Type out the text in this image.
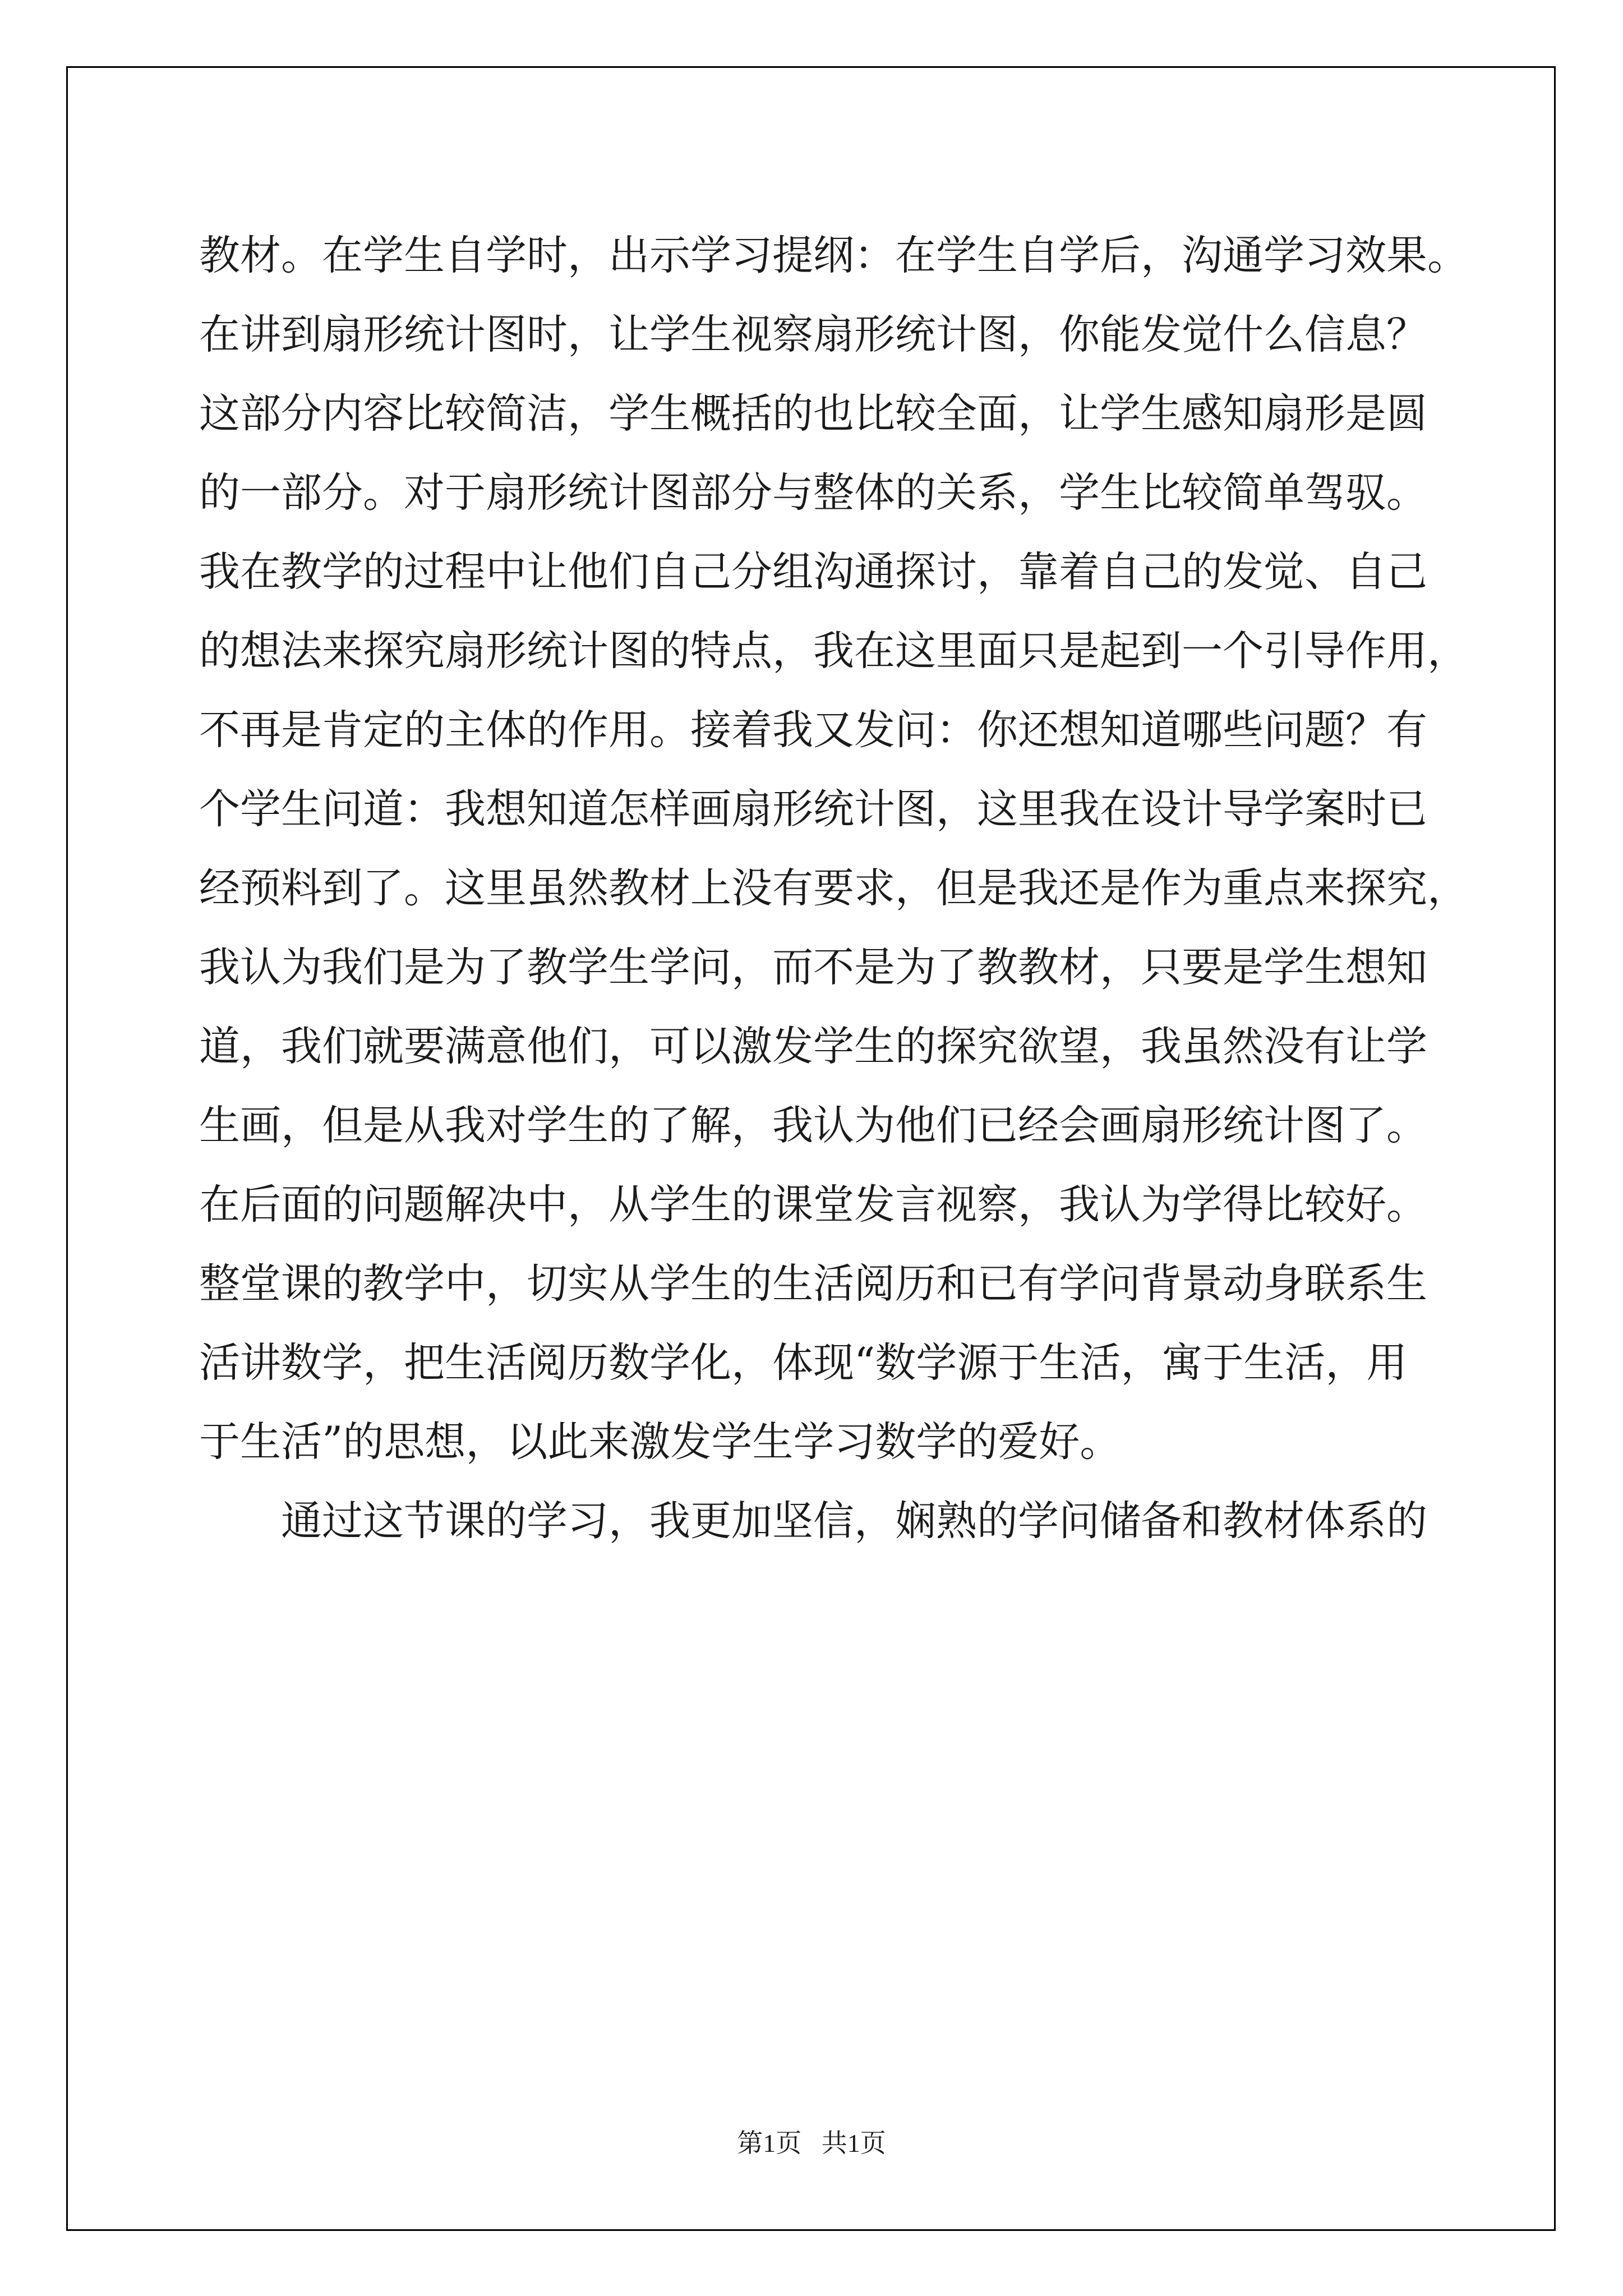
教材。在学生自学时，出示学习提纲：在学生自学后，沟通学习效果。
在讲到扇形统计图时，让学生视察扇形统计图，你能发觉什么信息？
这部分内容比较简洁，学生概括的也比较全面，让学生感知扇形是圆
的一部分。对于扇形统计图部分与整体的关系，学生比较简单驾驭。
我在教学的过程中让他们自己分组沟通探讨，靠着自己的发觉、自己
的想法来探究扇形统计图的特点，我在这里面只是起到一个引导作用，
不再是肯定的主体的作用。接着我又发问：你还想知道哪些问题？有
个学生问道：我想知道怎样画扇形统计图，这里我在设计导学案时已
经预料到了。这里虽然教材上没有要求，但是我还是作为重点来探究，
我认为我们是为了教学生学问，而不是为了教教材，只要是学生想知
道，我们就要满意他们，可以激发学生的探究欲望，我虽然没有让学
生画，但是从我对学生的了解，我认为他们已经会画扇形统计图了。
在后面的问题解决中，从学生的课堂发言视察，我认为学得比较好。
整堂课的教学中，切实从学生的生活阅历和已有学问背景动身联系生
活讲数学，把生活阅历数学化，体现“数学源于生活，寓于生活，用
于生活”的思想，以此来激发学生学习数学的爱好。
通过这节课的学习，我更加坚信，娴熟的学问储备和教材体系的
第1页 共1页
